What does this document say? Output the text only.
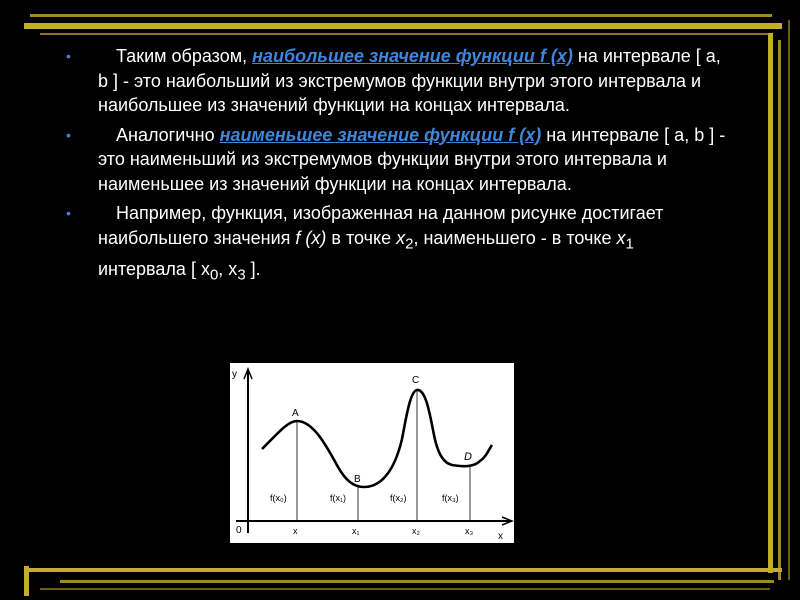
•	Таким образом, наибольшее значение функции f (x) на интервале [ a, b ] - это наибольший из экстремумов функции внутри этого интервала и наибольшее из значений функции на концах интервала.
•	Аналогично наименьшее значение функции f (x) на интервале [ a, b ] - это наименьший из экстремумов функции внутри этого интервала и наименьшее из значений функции на концах интервала.
•	Например, функция, изображенная на данном рисунке достигает наибольшего значения f (x) в точке $x_2$, наименьшего - в точке $x_1$ интервала [ $x_0$, $x_3$ ].
y
x
0
A
B
C
D
f(x₀)	f(x₁)	f(x₂)	f(x₃)
x	x₁	x₂	x₃
